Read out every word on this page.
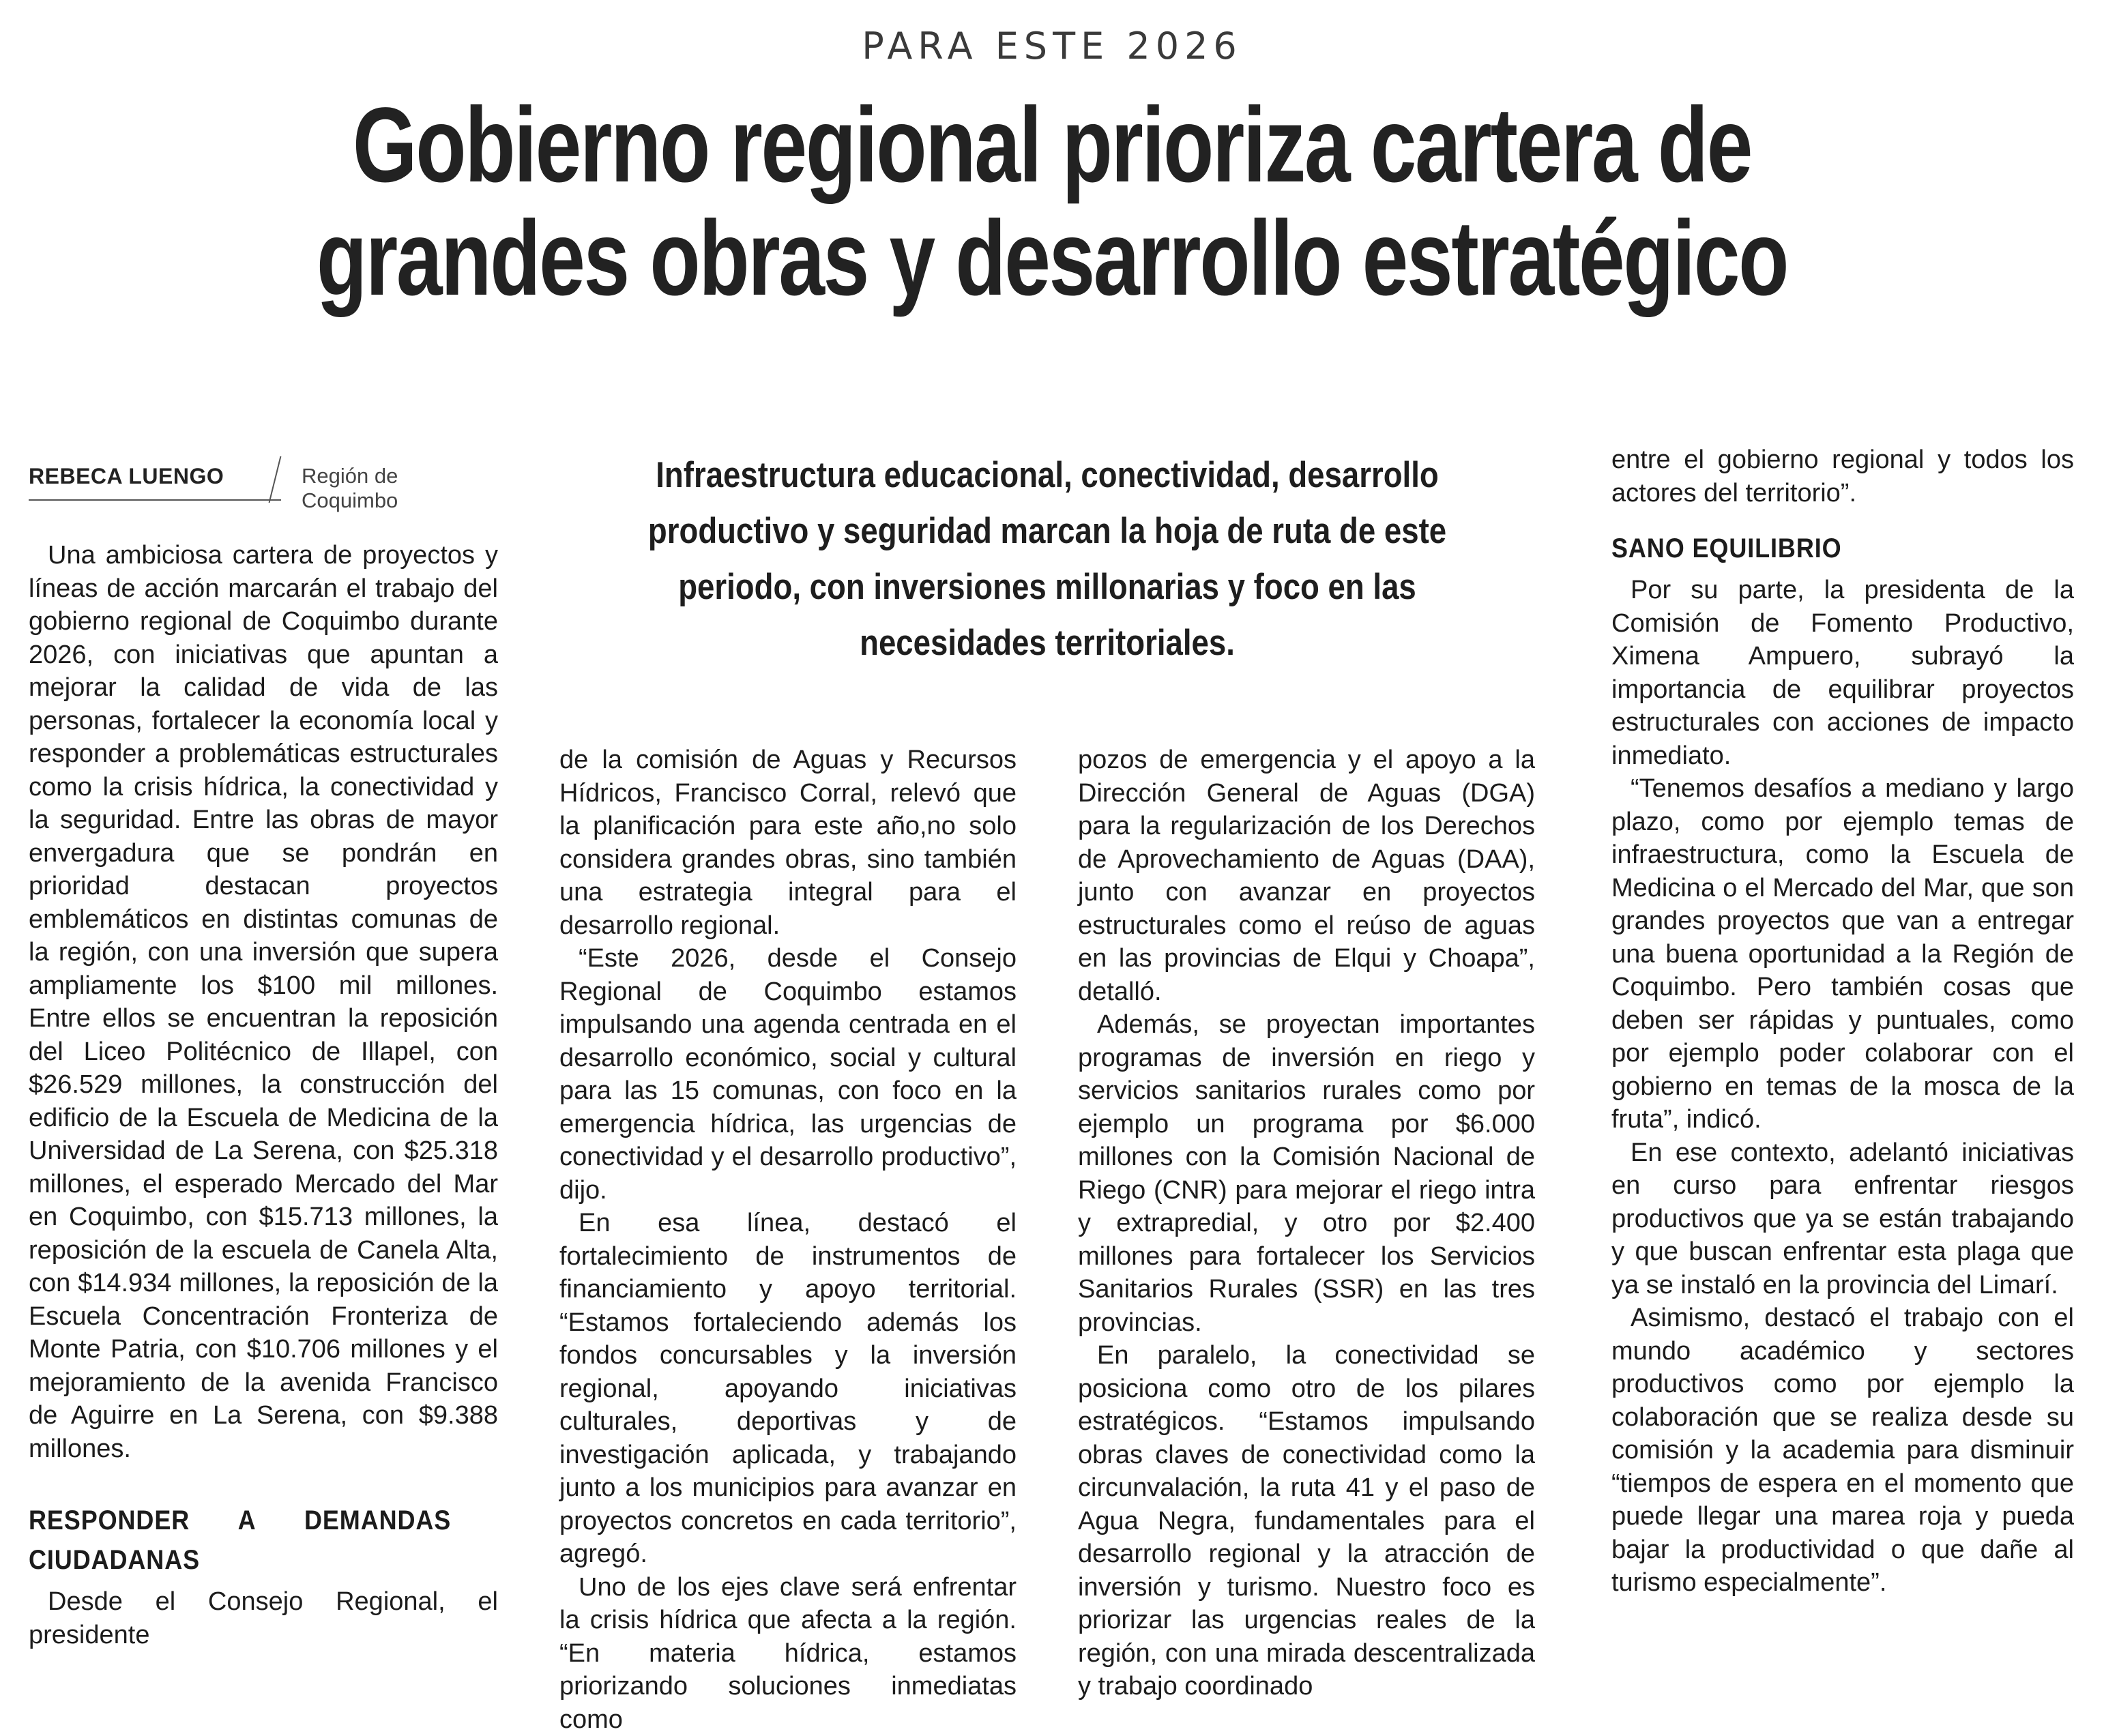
PARA ESTE 2026
Gobierno regional prioriza cartera de
grandes obras y desarrollo estratégico
REBECA LUENGO	Región de Coquimbo

Infraestructura educacional, conectividad, desarrollo

productivo y seguridad marcan la hoja de ruta de este

periodo, con inversiones millonarias y foco en las

necesidades territoriales.

Una ambiciosa cartera de proyectos y líneas de acción marcarán el trabajo del gobierno regional de Coquimbo durante 2026, con iniciativas que apuntan a mejorar la calidad de vida de las personas, fortalecer la economía local y responder a problemáticas estructurales como la crisis hídrica, la conectividad y la seguridad. Entre las obras de mayor envergadura que se pondrán en prioridad destacan proyectos emblemáticos en distintas comunas de la región, con una inversión que supera ampliamente los $100 mil millones. Entre ellos se encuentran la reposición del Liceo Politécnico de Illapel, con $26.529 millones, la construcción del edificio de la Escuela de Medicina de la Universidad de La Serena, con $25.318 millones, el esperado Mercado del Mar en Coquimbo, con $15.713 millones, la reposición de la escuela de Canela Alta, con $14.934 millones, la reposición de la Escuela Concentración Fronteriza de Monte Patria, con $10.706 millones y el mejoramiento de la avenida Francisco de Aguirre en La Serena, con $9.388 millones.

RESPONDER A DEMANDAS CIUDADANAS

Desde el Consejo Regional, el presidente

de la comisión de Aguas y Recursos Hídricos, Francisco Corral, relevó que la planificación para este año,no solo considera grandes obras, sino también una estrategia integral para el desarrollo regional.

“Este 2026, desde el Consejo Regional de Coquimbo estamos impulsando una agenda centrada en el desarrollo económico, social y cultural para las 15 comunas, con foco en la emergencia hídrica, las urgencias de conectividad y el desarrollo productivo”, dijo.

En esa línea, destacó el fortalecimiento de instrumentos de financiamiento y apoyo territorial. “Estamos fortaleciendo además los fondos concursables y la inversión regional, apoyando iniciativas culturales, deportivas y de investigación aplicada, y trabajando junto a los municipios para avanzar en proyectos concretos en cada territorio”, agregó.

Uno de los ejes clave será enfrentar la crisis hídrica que afecta a la región. “En materia hídrica, estamos priorizando soluciones inmediatas como

pozos de emergencia y el apoyo a la Dirección General de Aguas (DGA) para la regularización de los Derechos de Aprovechamiento de Aguas (DAA), junto con avanzar en proyectos estructurales como el reúso de aguas en las provincias de Elqui y Choapa”, detalló.

Además, se proyectan importantes programas de inversión en riego y servicios sanitarios rurales como por ejemplo un programa por $6.000 millones con la Comisión Nacional de Riego (CNR) para mejorar el riego intra y extrapredial, y otro por $2.400 millones para fortalecer los Servicios Sanitarios Rurales (SSR) en las tres provincias.

En paralelo, la conectividad se posiciona como otro de los pilares estratégicos. “Estamos impulsando obras claves de conectividad como la circunvalación, la ruta 41 y el paso de Agua Negra, fundamentales para el desarrollo regional y la atracción de inversión y turismo. Nuestro foco es priorizar las urgencias reales de la región, con una mirada descentralizada y trabajo coordinado

entre el gobierno regional y todos los actores del territorio”.

SANO EQUILIBRIO

Por su parte, la presidenta de la Comisión de Fomento Productivo, Ximena Ampuero, subrayó la importancia de equilibrar proyectos estructurales con acciones de impacto inmediato.

“Tenemos desafíos a mediano y largo plazo, como por ejemplo temas de infraestructura, como la Escuela de Medicina o el Mercado del Mar, que son grandes proyectos que van a entregar una buena oportunidad a la Región de Coquimbo. Pero también cosas que deben ser rápidas y puntuales, como por ejemplo poder colaborar con el gobierno en temas de la mosca de la fruta”, indicó.

En ese contexto, adelantó iniciativas en curso para enfrentar riesgos productivos que ya se están trabajando y que buscan enfrentar esta plaga que ya se instaló en la provincia del Limarí.

Asimismo, destacó el trabajo con el mundo académico y sectores productivos como por ejemplo la colaboración que se realiza desde su comisión y la academia para disminuir “tiempos de espera en el momento que puede llegar una marea roja y pueda bajar la productividad o que dañe al turismo especialmente”.
